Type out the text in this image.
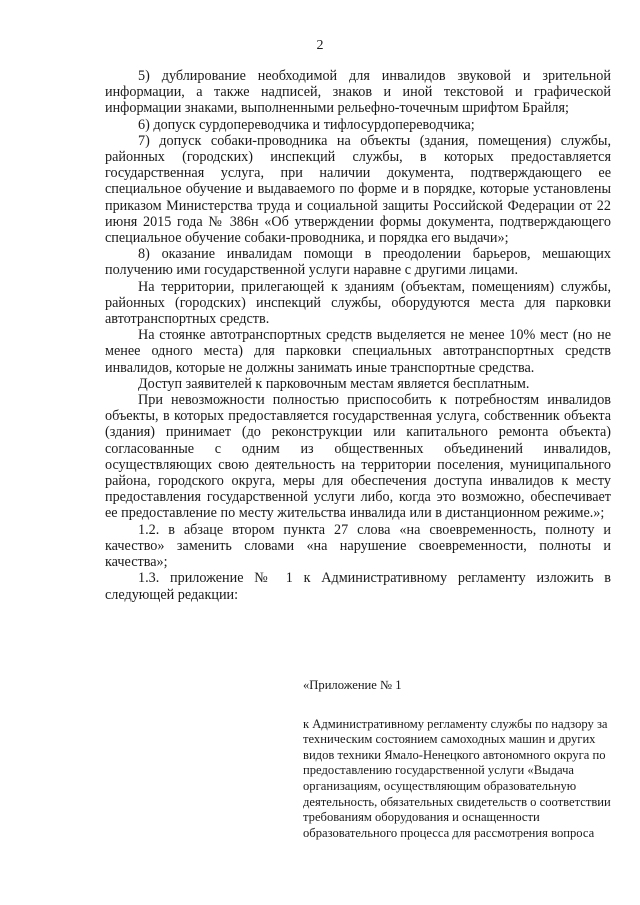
2

5) дублирование необходимой для инвалидов звуковой и зрительной информации, а также надписей, знаков и иной текстовой и графической информации знаками, выполненными рельефно-точечным шрифтом Брайля;

6) допуск сурдопереводчика и тифлосурдопереводчика;

7) допуск собаки-проводника на объекты (здания, помещения) службы, районных (городских) инспекций службы, в которых предоставляется государственная услуга, при наличии документа, подтверждающего ее специальное обучение и выдаваемого по форме и в порядке, которые установлены приказом Министерства труда и социальной защиты Российской Федерации от 22 июня 2015 года № 386н «Об утверждении формы документа, подтверждающего специальное обучение собаки-проводника, и порядка его выдачи»;

8) оказание инвалидам помощи в преодолении барьеров, мешающих получению ими государственной услуги наравне с другими лицами.

На территории, прилегающей к зданиям (объектам, помещениям) службы, районных (городских) инспекций службы, оборудуются места для парковки автотранспортных средств.

На стоянке автотранспортных средств выделяется не менее 10% мест (но не менее одного места) для парковки специальных автотранспортных средств инвалидов, которые не должны занимать иные транспортные средства.

Доступ заявителей к парковочным местам является бесплатным.

При невозможности полностью приспособить к потребностям инвалидов объекты, в которых предоставляется государственная услуга, собственник объекта (здания) принимает (до реконструкции или капитального ремонта объекта) согласованные с одним из общественных объединений инвалидов, осуществляющих свою деятельность на территории поселения, муниципального района, городского округа, меры для обеспечения доступа инвалидов к месту предоставления государственной услуги либо, когда это возможно, обеспечивает ее предоставление по месту жительства инвалида или в дистанционном режиме.»;

1.2. в абзаце втором пункта 27 слова «на своевременность, полноту и качество» заменить словами «на нарушение своевременности, полноты и качества»;

1.3. приложение № 1 к Административному регламенту изложить в следующей редакции:

«Приложение № 1

к Административному регламенту службы по надзору за техническим состоянием самоходных машин и других видов техники Ямало-Ненецкого автономного округа по предоставлению государственной услуги «Выдача организациям, осуществляющим образовательную деятельность, обязательных свидетельств о соответствии требованиям оборудования и оснащенности образовательного процесса для рассмотрения вопроса
